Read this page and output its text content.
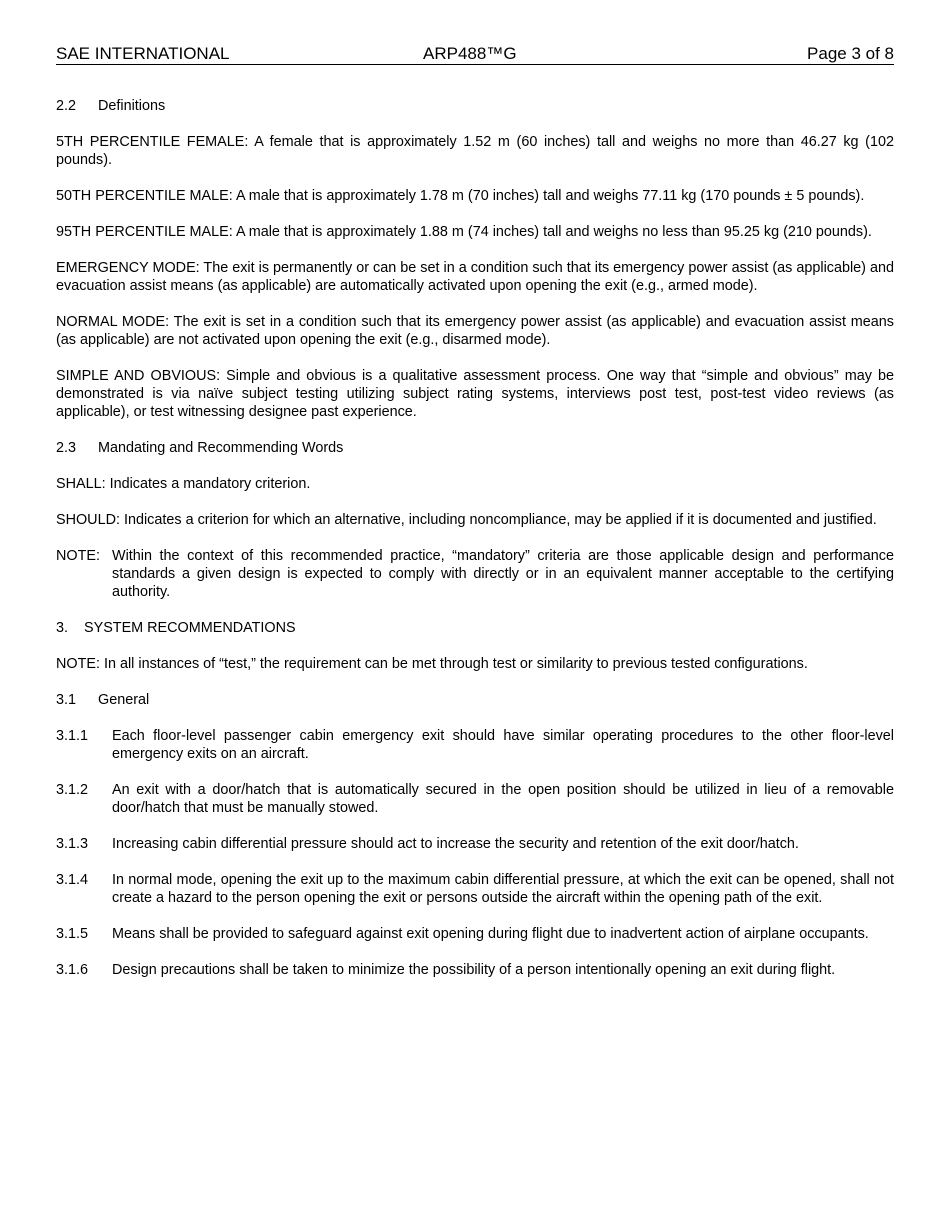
SAE INTERNATIONAL	ARP488™G	Page 3 of 8
2.2 Definitions

5TH PERCENTILE FEMALE: A female that is approximately 1.52 m (60 inches) tall and weighs no more than 46.27 kg (102 pounds).

50TH PERCENTILE MALE: A male that is approximately 1.78 m (70 inches) tall and weighs 77.11 kg (170 pounds ± 5 pounds).

95TH PERCENTILE MALE: A male that is approximately 1.88 m (74 inches) tall and weighs no less than 95.25 kg (210 pounds).

EMERGENCY MODE: The exit is permanently or can be set in a condition such that its emergency power assist (as applicable) and evacuation assist means (as applicable) are automatically activated upon opening the exit (e.g., armed mode).

NORMAL MODE: The exit is set in a condition such that its emergency power assist (as applicable) and evacuation assist means (as applicable) are not activated upon opening the exit (e.g., disarmed mode).

SIMPLE AND OBVIOUS: Simple and obvious is a qualitative assessment process. One way that “simple and obvious” may be demonstrated is via naïve subject testing utilizing subject rating systems, interviews post test, post-test video reviews (as applicable), or test witnessing designee past experience.

2.3 Mandating and Recommending Words

SHALL: Indicates a mandatory criterion.

SHOULD: Indicates a criterion for which an alternative, including noncompliance, may be applied if it is documented and justified.

NOTE: Within the context of this recommended practice, “mandatory” criteria are those applicable design and performance standards a given design is expected to comply with directly or in an equivalent manner acceptable to the certifying authority.
3. SYSTEM RECOMMENDATIONS

NOTE: In all instances of “test,” the requirement can be met through test or similarity to previous tested configurations.

3.1 General
3.1.1	Each floor-level passenger cabin emergency exit should have similar operating procedures to the other floor-level emergency exits on an aircraft.
3.1.2	An exit with a door/hatch that is automatically secured in the open position should be utilized in lieu of a removable door/hatch that must be manually stowed.
3.1.3	Increasing cabin differential pressure should act to increase the security and retention of the exit door/hatch.
3.1.4	In normal mode, opening the exit up to the maximum cabin differential pressure, at which the exit can be opened, shall not create a hazard to the person opening the exit or persons outside the aircraft within the opening path of the exit.
3.1.5	Means shall be provided to safeguard against exit opening during flight due to inadvertent action of airplane occupants.
3.1.6	Design precautions shall be taken to minimize the possibility of a person intentionally opening an exit during flight.
